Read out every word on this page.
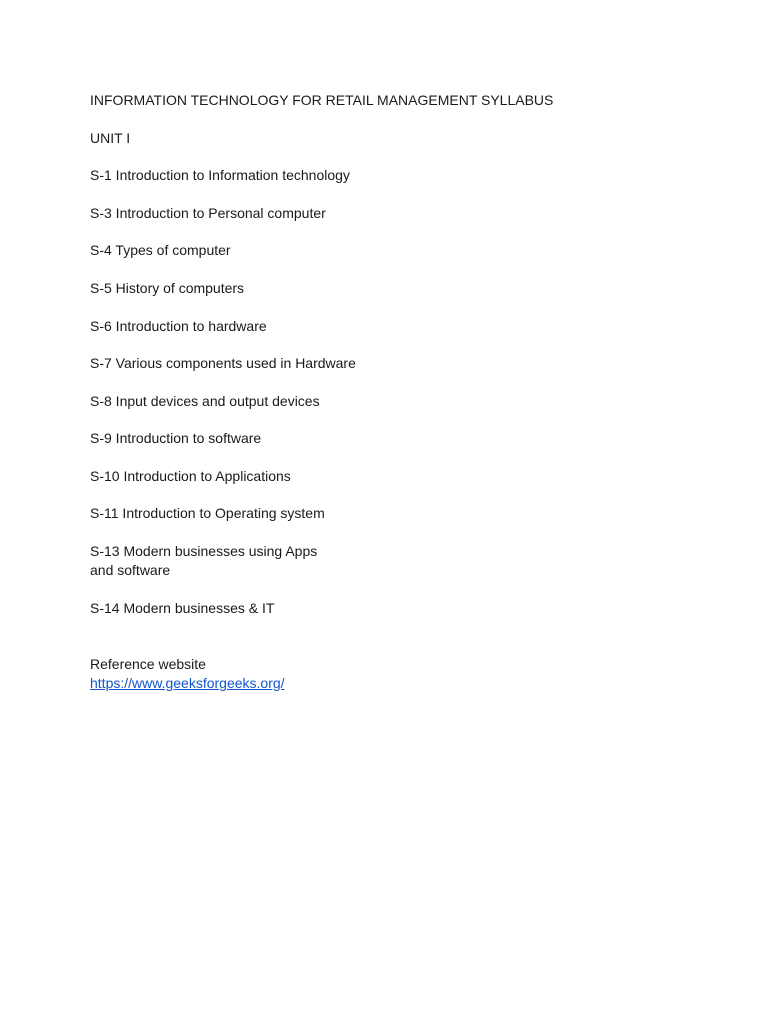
INFORMATION TECHNOLOGY FOR RETAIL MANAGEMENT SYLLABUS
UNIT I
S-1 Introduction to Information technology
S-3 Introduction to Personal computer
S-4 Types of computer
S-5 History of computers
S-6 Introduction to hardware
S-7 Various components used in Hardware
S-8 Input devices and output devices
S-9 Introduction to software
S-10 Introduction to Applications
S-11 Introduction to Operating system
S-13 Modern businesses using Apps and software
S-14 Modern businesses & IT
Reference website
https://www.geeksforgeeks.org/
